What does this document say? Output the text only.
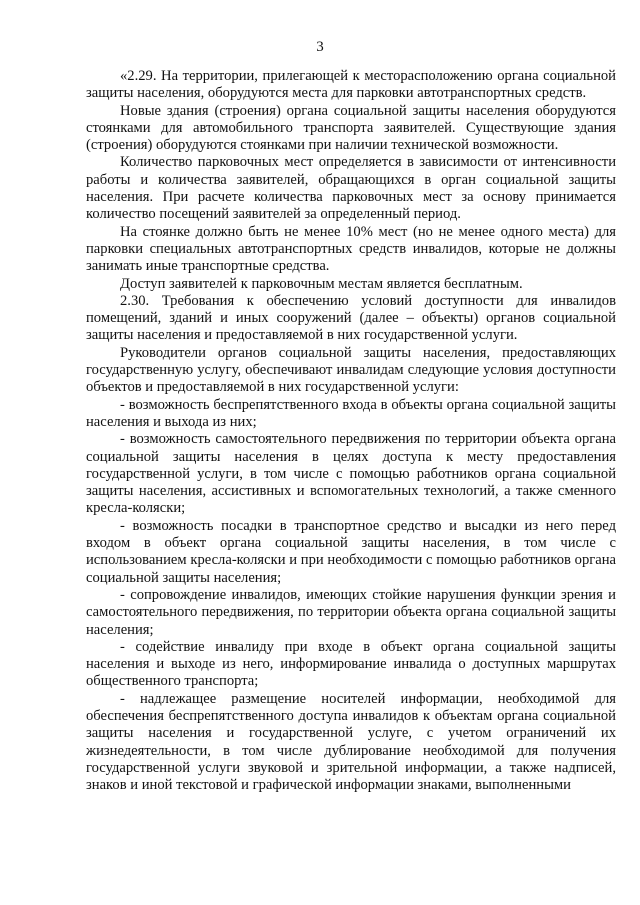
3

«2.29. На территории, прилегающей к месторасположению органа социальной защиты населения, оборудуются места для парковки автотранспортных средств.

Новые здания (строения) органа социальной защиты населения оборудуются стоянками для автомобильного транспорта заявителей. Существующие здания (строения) оборудуются стоянками при наличии технической возможности.

Количество парковочных мест определяется в зависимости от интенсивности работы и количества заявителей, обращающихся в орган социальной защиты населения. При расчете количества парковочных мест за основу принимается количество посещений заявителей за определенный период.

На стоянке должно быть не менее 10% мест (но не менее одного места) для парковки специальных автотранспортных средств инвалидов, которые не должны занимать иные транспортные средства.

Доступ заявителей к парковочным местам является бесплатным.

2.30. Требования к обеспечению условий доступности для инвалидов помещений, зданий и иных сооружений (далее – объекты) органов социальной защиты населения и предоставляемой в них государственной услуги.

Руководители органов социальной защиты населения, предоставляющих государственную услугу, обеспечивают инвалидам следующие условия доступности объектов и предоставляемой в них государственной услуги:

- возможность беспрепятственного входа в объекты органа социальной защиты населения и выхода из них;

- возможность самостоятельного передвижения по территории объекта органа социальной защиты населения в целях доступа к месту предоставления государственной услуги, в том числе с помощью работников органа социальной защиты населения, ассистивных и вспомогательных технологий, а также сменного кресла-коляски;

- возможность посадки в транспортное средство и высадки из него перед входом в объект органа социальной защиты населения, в том числе с использованием кресла-коляски и при необходимости с помощью работников органа социальной защиты населения;

- сопровождение инвалидов, имеющих стойкие нарушения функции зрения и самостоятельного передвижения, по территории объекта органа социальной защиты населения;

- содействие инвалиду при входе в объект органа социальной защиты населения и выходе из него, информирование инвалида о доступных маршрутах общественного транспорта;

- надлежащее размещение носителей информации, необходимой для обеспечения беспрепятственного доступа инвалидов к объектам органа социальной защиты населения и государственной услуге, с учетом ограничений их жизнедеятельности, в том числе дублирование необходимой для получения государственной услуги звуковой и зрительной информации, а также надписей, знаков и иной текстовой и графической информации знаками, выполненными
